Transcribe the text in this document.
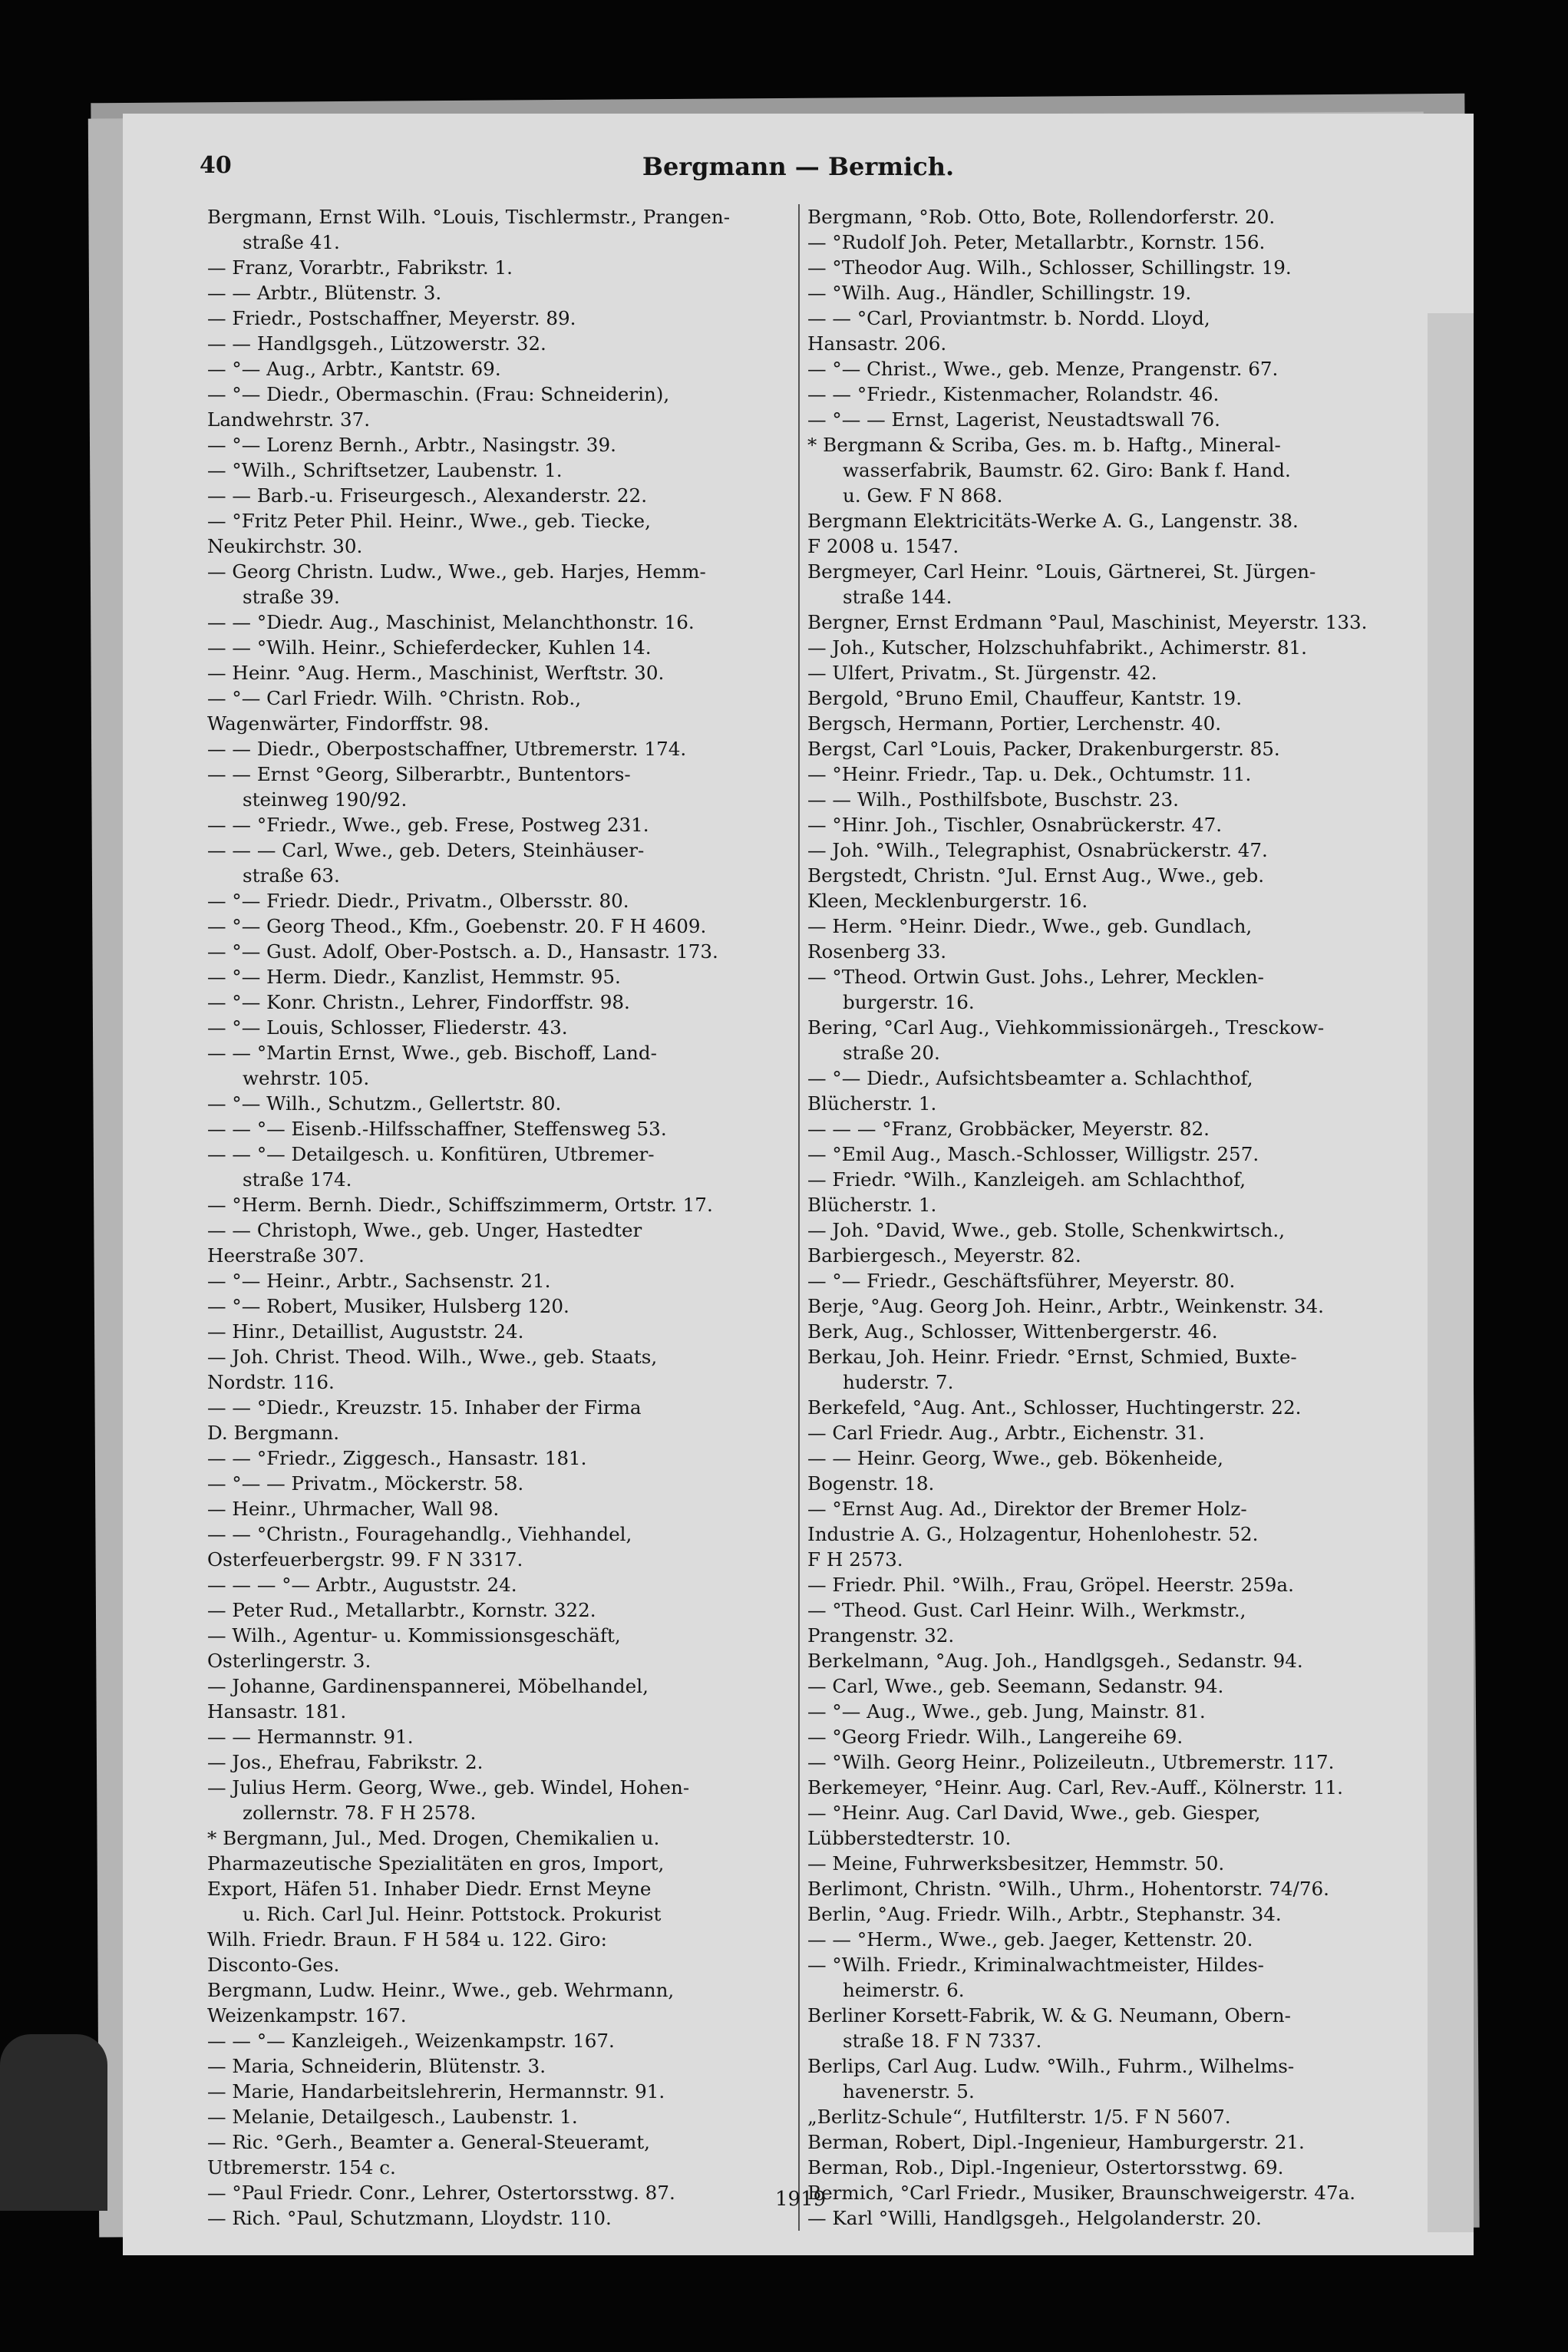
40	Bergmann — Bermich.
Bergmann, Ernst Wilh. °Louis, Tischlermstr., Prangen-
straße 41.
— Franz, Vorarbtr., Fabrikstr. 1.
— — Arbtr., Blütenstr. 3.
— Friedr., Postschaffner, Meyerstr. 89.
— — Handlgsgeh., Lützowerstr. 32.
— °— Aug., Arbtr., Kantstr. 69.
— °— Diedr., Obermaschin. (Frau: Schneiderin),
Landwehrstr. 37.
— °— Lorenz Bernh., Arbtr., Nasingstr. 39.
— °Wilh., Schriftsetzer, Laubenstr. 1.
— — Barb.-u. Friseurgesch., Alexanderstr. 22.
— °Fritz Peter Phil. Heinr., Wwe., geb. Tiecke,
Neukirchstr. 30.
— Georg Christn. Ludw., Wwe., geb. Harjes, Hemm-
straße 39.
— — °Diedr. Aug., Maschinist, Melanchthonstr. 16.
— — °Wilh. Heinr., Schieferdecker, Kuhlen 14.
— Heinr. °Aug. Herm., Maschinist, Werftstr. 30.
— °— Carl Friedr. Wilh. °Christn. Rob.,
Wagenwärter, Findorffstr. 98.
— — Diedr., Oberpostschaffner, Utbremerstr. 174.
— — Ernst °Georg, Silberarbtr., Buntentors-
steinweg 190/92.
— — °Friedr., Wwe., geb. Frese, Postweg 231.
— — — Carl, Wwe., geb. Deters, Steinhäuser-
straße 63.
— °— Friedr. Diedr., Privatm., Olbersstr. 80.
— °— Georg Theod., Kfm., Goebenstr. 20. F H 4609.
— °— Gust. Adolf, Ober-Postsch. a. D., Hansastr. 173.
— °— Herm. Diedr., Kanzlist, Hemmstr. 95.
— °— Konr. Christn., Lehrer, Findorffstr. 98.
— °— Louis, Schlosser, Fliederstr. 43.
— — °Martin Ernst, Wwe., geb. Bischoff, Land-
wehrstr. 105.
— °— Wilh., Schutzm., Gellertstr. 80.
— — °— Eisenb.-Hilfsschaffner, Steffensweg 53.
— — °— Detailgesch. u. Konfitüren, Utbremer-
straße 174.
— °Herm. Bernh. Diedr., Schiffszimmerm, Ortstr. 17.
— — Christoph, Wwe., geb. Unger, Hastedter
Heerstraße 307.
— °— Heinr., Arbtr., Sachsenstr. 21.
— °— Robert, Musiker, Hulsberg 120.
— Hinr., Detaillist, Auguststr. 24.
— Joh. Christ. Theod. Wilh., Wwe., geb. Staats,
Nordstr. 116.
— — °Diedr., Kreuzstr. 15. Inhaber der Firma
D. Bergmann.
— — °Friedr., Ziggesch., Hansastr. 181.
— °— — Privatm., Möckerstr. 58.
— Heinr., Uhrmacher, Wall 98.
— — °Christn., Fouragehandlg., Viehhandel,
Osterfeuerbergstr. 99. F N 3317.
— — — °— Arbtr., Auguststr. 24.
— Peter Rud., Metallarbtr., Kornstr. 322.
— Wilh., Agentur- u. Kommissionsgeschäft,
Osterlingerstr. 3.
— Johanne, Gardinenspannerei, Möbelhandel,
Hansastr. 181.
— — Hermannstr. 91.
— Jos., Ehefrau, Fabrikstr. 2.
— Julius Herm. Georg, Wwe., geb. Windel, Hohen-
zollernstr. 78. F H 2578.
* Bergmann, Jul., Med. Drogen, Chemikalien u.
Pharmazeutische Spezialitäten en gros, Import,
Export, Häfen 51. Inhaber Diedr. Ernst Meyne
u. Rich. Carl Jul. Heinr. Pottstock. Prokurist
Wilh. Friedr. Braun. F H 584 u. 122. Giro:
Disconto-Ges.
Bergmann, Ludw. Heinr., Wwe., geb. Wehrmann,
Weizenkampstr. 167.
— — °— Kanzleigeh., Weizenkampstr. 167.
— Maria, Schneiderin, Blütenstr. 3.
— Marie, Handarbeitslehrerin, Hermannstr. 91.
— Melanie, Detailgesch., Laubenstr. 1.
— Ric. °Gerh., Beamter a. General-Steueramt,
Utbremerstr. 154 c.
— °Paul Friedr. Conr., Lehrer, Ostertorsstwg. 87.
— Rich. °Paul, Schutzmann, Lloydstr. 110.
Bergmann, °Rob. Otto, Bote, Rollendorferstr. 20.
— °Rudolf Joh. Peter, Metallarbtr., Kornstr. 156.
— °Theodor Aug. Wilh., Schlosser, Schillingstr. 19.
— °Wilh. Aug., Händler, Schillingstr. 19.
— — °Carl, Proviantmstr. b. Nordd. Lloyd,
Hansastr. 206.
— °— Christ., Wwe., geb. Menze, Prangenstr. 67.
— — °Friedr., Kistenmacher, Rolandstr. 46.
— °— — Ernst, Lagerist, Neustadtswall 76.
* Bergmann & Scriba, Ges. m. b. Haftg., Mineral-
wasserfabrik, Baumstr. 62. Giro: Bank f. Hand.
u. Gew. F N 868.
Bergmann Elektricitäts-Werke A. G., Langenstr. 38.
F 2008 u. 1547.
Bergmeyer, Carl Heinr. °Louis, Gärtnerei, St. Jürgen-
straße 144.
Bergner, Ernst Erdmann °Paul, Maschinist, Meyerstr. 133.
— Joh., Kutscher, Holzschuhfabrikt., Achimerstr. 81.
— Ulfert, Privatm., St. Jürgenstr. 42.
Bergold, °Bruno Emil, Chauffeur, Kantstr. 19.
Bergsch, Hermann, Portier, Lerchenstr. 40.
Bergst, Carl °Louis, Packer, Drakenburgerstr. 85.
— °Heinr. Friedr., Tap. u. Dek., Ochtumstr. 11.
— — Wilh., Posthilfsbote, Buschstr. 23.
— °Hinr. Joh., Tischler, Osnabrückerstr. 47.
— Joh. °Wilh., Telegraphist, Osnabrückerstr. 47.
Bergstedt, Christn. °Jul. Ernst Aug., Wwe., geb.
Kleen, Mecklenburgerstr. 16.
— Herm. °Heinr. Diedr., Wwe., geb. Gundlach,
Rosenberg 33.
— °Theod. Ortwin Gust. Johs., Lehrer, Mecklen-
burgerstr. 16.
Bering, °Carl Aug., Viehkommissionärgeh., Tresckow-
straße 20.
— °— Diedr., Aufsichtsbeamter a. Schlachthof,
Blücherstr. 1.
— — — °Franz, Grobbäcker, Meyerstr. 82.
— °Emil Aug., Masch.-Schlosser, Willigstr. 257.
— Friedr. °Wilh., Kanzleigeh. am Schlachthof,
Blücherstr. 1.
— Joh. °David, Wwe., geb. Stolle, Schenkwirtsch.,
Barbiergesch., Meyerstr. 82.
— °— Friedr., Geschäftsführer, Meyerstr. 80.
Berje, °Aug. Georg Joh. Heinr., Arbtr., Weinkenstr. 34.
Berk, Aug., Schlosser, Wittenbergerstr. 46.
Berkau, Joh. Heinr. Friedr. °Ernst, Schmied, Buxte-
huderstr. 7.
Berkefeld, °Aug. Ant., Schlosser, Huchtingerstr. 22.
— Carl Friedr. Aug., Arbtr., Eichenstr. 31.
— — Heinr. Georg, Wwe., geb. Bökenheide,
Bogenstr. 18.
— °Ernst Aug. Ad., Direktor der Bremer Holz-
Industrie A. G., Holzagentur, Hohenlohestr. 52.
F H 2573.
— Friedr. Phil. °Wilh., Frau, Gröpel. Heerstr. 259a.
— °Theod. Gust. Carl Heinr. Wilh., Werkmstr.,
Prangenstr. 32.
Berkelmann, °Aug. Joh., Handlgsgeh., Sedanstr. 94.
— Carl, Wwe., geb. Seemann, Sedanstr. 94.
— °— Aug., Wwe., geb. Jung, Mainstr. 81.
— °Georg Friedr. Wilh., Langereihe 69.
— °Wilh. Georg Heinr., Polizeileutn., Utbremerstr. 117.
Berkemeyer, °Heinr. Aug. Carl, Rev.-Auff., Kölnerstr. 11.
— °Heinr. Aug. Carl David, Wwe., geb. Giesper,
Lübberstedterstr. 10.
— Meine, Fuhrwerksbesitzer, Hemmstr. 50.
Berlimont, Christn. °Wilh., Uhrm., Hohentorstr. 74/76.
Berlin, °Aug. Friedr. Wilh., Arbtr., Stephanstr. 34.
— — °Herm., Wwe., geb. Jaeger, Kettenstr. 20.
— °Wilh. Friedr., Kriminalwachtmeister, Hildes-
heimerstr. 6.
Berliner Korsett-Fabrik, W. & G. Neumann, Obern-
straße 18. F N 7337.
Berlips, Carl Aug. Ludw. °Wilh., Fuhrm., Wilhelms-
havenerstr. 5.
„Berlitz-Schule“, Hutfilterstr. 1/5. F N 5607.
Berman, Robert, Dipl.-Ingenieur, Hamburgerstr. 21.
Berman, Rob., Dipl.-Ingenieur, Ostertorsstwg. 69.
Bermich, °Carl Friedr., Musiker, Braunschweigerstr. 47a.
— Karl °Willi, Handlgsgeh., Helgolanderstr. 20.
1919
